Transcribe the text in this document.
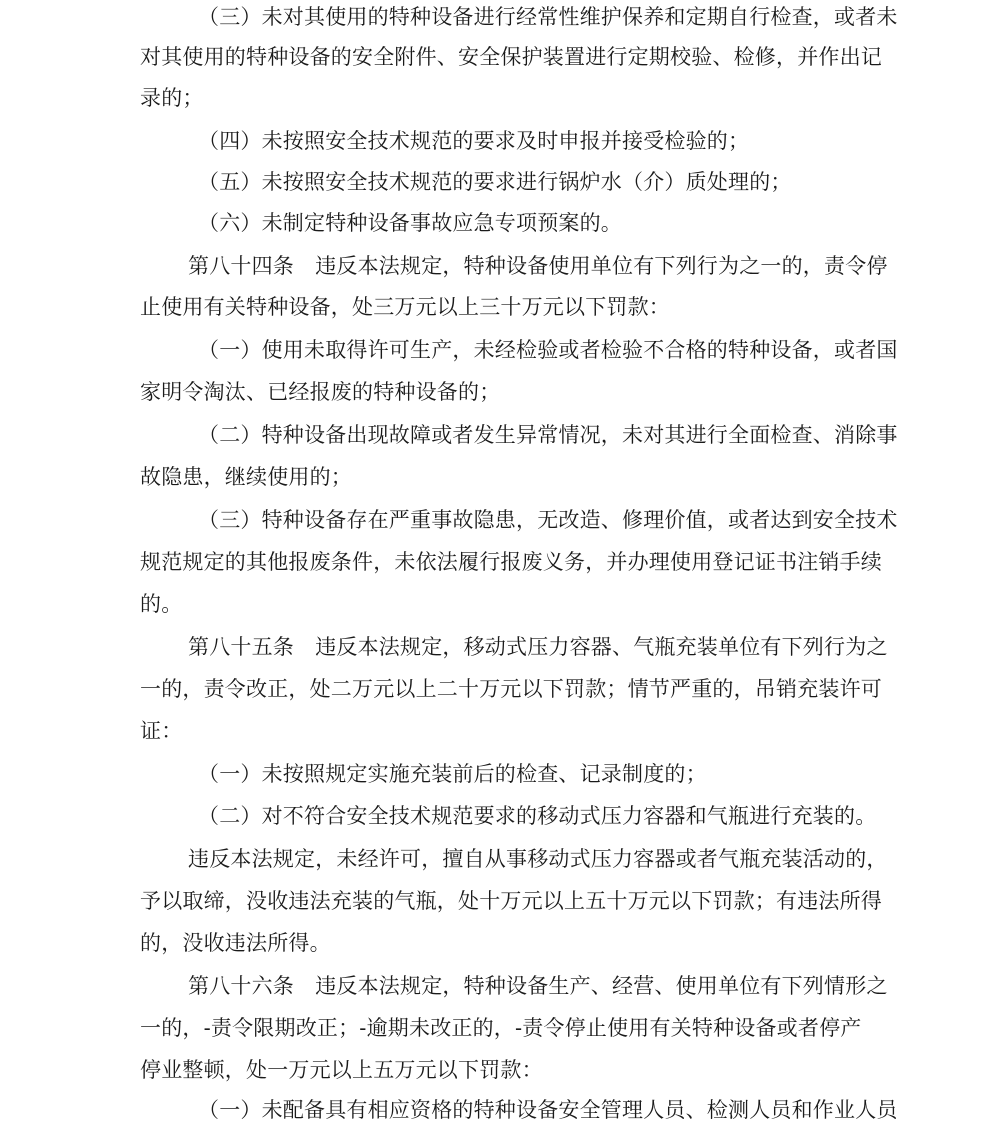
（三）未对其使用的特种设备进行经常性维护保养和定期自行检查，或者未
对其使用的特种设备的安全附件、安全保护装置进行定期校验、检修，并作出记
录的；
（四）未按照安全技术规范的要求及时申报并接受检验的；
（五）未按照安全技术规范的要求进行锅炉水（介）质处理的；
（六）未制定特种设备事故应急专项预案的。
第八十四条　违反本法规定，特种设备使用单位有下列行为之一的，责令停
止使用有关特种设备，处三万元以上三十万元以下罚款：
（一）使用未取得许可生产，未经检验或者检验不合格的特种设备，或者国
家明令淘汰、已经报废的特种设备的；
（二）特种设备出现故障或者发生异常情况，未对其进行全面检查、消除事
故隐患，继续使用的；
（三）特种设备存在严重事故隐患，无改造、修理价值，或者达到安全技术
规范规定的其他报废条件，未依法履行报废义务，并办理使用登记证书注销手续
的。
第八十五条　违反本法规定，移动式压力容器、气瓶充装单位有下列行为之
一的，责令改正，处二万元以上二十万元以下罚款；情节严重的，吊销充装许可
证：
（一）未按照规定实施充装前后的检查、记录制度的；
（二）对不符合安全技术规范要求的移动式压力容器和气瓶进行充装的。
违反本法规定，未经许可，擅自从事移动式压力容器或者气瓶充装活动的，
予以取缔，没收违法充装的气瓶，处十万元以上五十万元以下罚款；有违法所得
的，没收违法所得。
第八十六条　违反本法规定，特种设备生产、经营、使用单位有下列情形之
一的，-责令限期改正；-逾期未改正的，-责令停止使用有关特种设备或者停产
停业整顿，处一万元以上五万元以下罚款：
（一）未配备具有相应资格的特种设备安全管理人员、检测人员和作业人员
